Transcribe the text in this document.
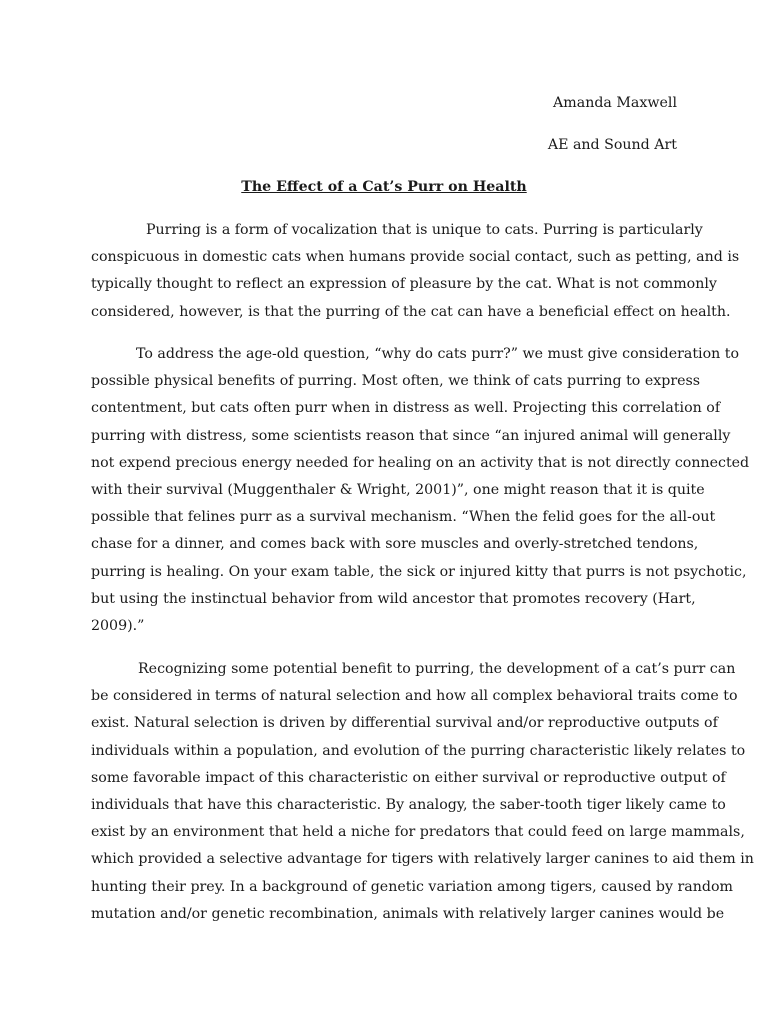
Amanda Maxwell
AE and Sound Art
The Effect of a Cat’s Purr on Health
Purring is a form of vocalization that is unique to cats. Purring is particularly
conspicuous in domestic cats when humans provide social contact, such as petting, and is
typically thought to reflect an expression of pleasure by the cat. What is not commonly
considered, however, is that the purring of the cat can have a beneficial effect on health.
To address the age-old question, “why do cats purr?” we must give consideration to
possible physical benefits of purring. Most often, we think of cats purring to express
contentment, but cats often purr when in distress as well. Projecting this correlation of
purring with distress, some scientists reason that since “an injured animal will generally
not expend precious energy needed for healing on an activity that is not directly connected
with their survival (Muggenthaler & Wright, 2001)”, one might reason that it is quite
possible that felines purr as a survival mechanism. “When the felid goes for the all-out
chase for a dinner, and comes back with sore muscles and overly-stretched tendons,
purring is healing. On your exam table, the sick or injured kitty that purrs is not psychotic,
but using the instinctual behavior from wild ancestor that promotes recovery (Hart,
2009).”
Recognizing some potential benefit to purring, the development of a cat’s purr can
be considered in terms of natural selection and how all complex behavioral traits come to
exist. Natural selection is driven by differential survival and/or reproductive outputs of
individuals within a population, and evolution of the purring characteristic likely relates to
some favorable impact of this characteristic on either survival or reproductive output of
individuals that have this characteristic. By analogy, the saber-tooth tiger likely came to
exist by an environment that held a niche for predators that could feed on large mammals,
which provided a selective advantage for tigers with relatively larger canines to aid them in
hunting their prey. In a background of genetic variation among tigers, caused by random
mutation and/or genetic recombination, animals with relatively larger canines would be
